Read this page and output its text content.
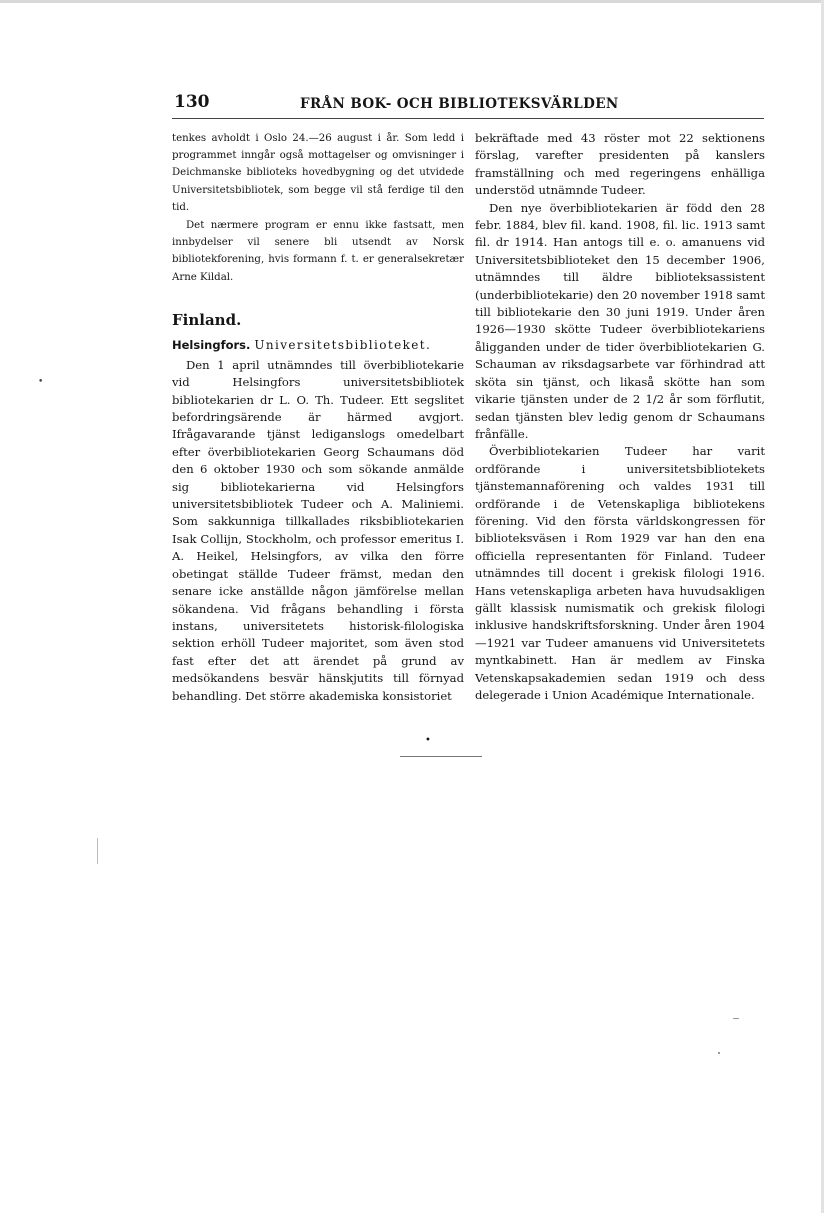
130	FRÅN BOK- OCH BIBLIOTEKSVÄRLDEN

tenkes avholdt i Oslo 24.—26 august i år. Som ledd i programmet inngår også mottagelser og omvisninger i Deichmanske biblioteks hovedbygning og det utvidede Universitetsbibliotek, som begge vil stå ferdige til den tid.

Det nærmere program er ennu ikke fastsatt, men innbydelser vil senere bli utsendt av Norsk bibliotekforening, hvis formann f. t. er generalsekretær Arne Kildal.

Finland.

Helsingfors. Universitetsbiblioteket.

Den 1 april utnämndes till överbibliotekarie vid Helsingfors universitetsbibliotek bibliotekarien dr L. O. Th. Tudeer. Ett segslitet befordringsärende är härmed avgjort. Ifrågavarande tjänst lediganslogs omedelbart efter överbibliotekarien Georg Schaumans död den 6 oktober 1930 och som sökande anmälde sig bibliotekarierna vid Helsingfors universitetsbibliotek Tudeer och A. Maliniemi. Som sakkunniga tillkallades riksbibliotekarien Isak Collijn, Stockholm, och professor emeritus I. A. Heikel, Helsingfors, av vilka den förre obetingat ställde Tudeer främst, medan den senare icke anställde någon jämförelse mellan sökandena. Vid frågans behandling i första instans, universitetets historisk-filologiska sektion erhöll Tudeer majoritet, som även stod fast efter det att ärendet på grund av medsökandens besvär hänskjutits till förnyad behandling. Det större akademiska konsistoriet

bekräftade med 43 röster mot 22 sektionens förslag, varefter presidenten på kanslers framställning och med regeringens enhälliga understöd utnämnde Tudeer.

Den nye överbibliotekarien är född den 28 febr. 1884, blev fil. kand. 1908, fil. lic. 1913 samt fil. dr 1914. Han antogs till e. o. amanuens vid Universitetsbiblioteket den 15 december 1906, utnämndes till äldre biblioteksassistent (underbibliotekarie) den 20 november 1918 samt till bibliotekarie den 30 juni 1919. Under åren 1926—1930 skötte Tudeer överbibliotekariens åligganden under de tider överbibliotekarien G. Schauman av riksdagsarbete var förhindrad att sköta sin tjänst, och likaså skötte han som vikarie tjänsten under de 2 1/2 år som förflutit, sedan tjänsten blev ledig genom dr Schaumans frånfälle.

Överbibliotekarien Tudeer har varit ordförande i universitetsbibliotekets tjänstemannaförening och valdes 1931 till ordförande i de Vetenskapliga bibliotekens förening. Vid den första världskongressen för biblioteksväsen i Rom 1929 var han den ena officiella representanten för Finland. Tudeer utnämndes till docent i grekisk filologi 1916. Hans vetenskapliga arbeten hava huvudsakligen gällt klassisk numismatik och grekisk filologi inklusive handskriftsforskning. Under åren 1904—1921 var Tudeer amanuens vid Universitetets myntkabinett. Han är medlem av Finska Vetenskapsakademien sedan 1919 och dess delegerade i Union Académique Internationale.

•
•
